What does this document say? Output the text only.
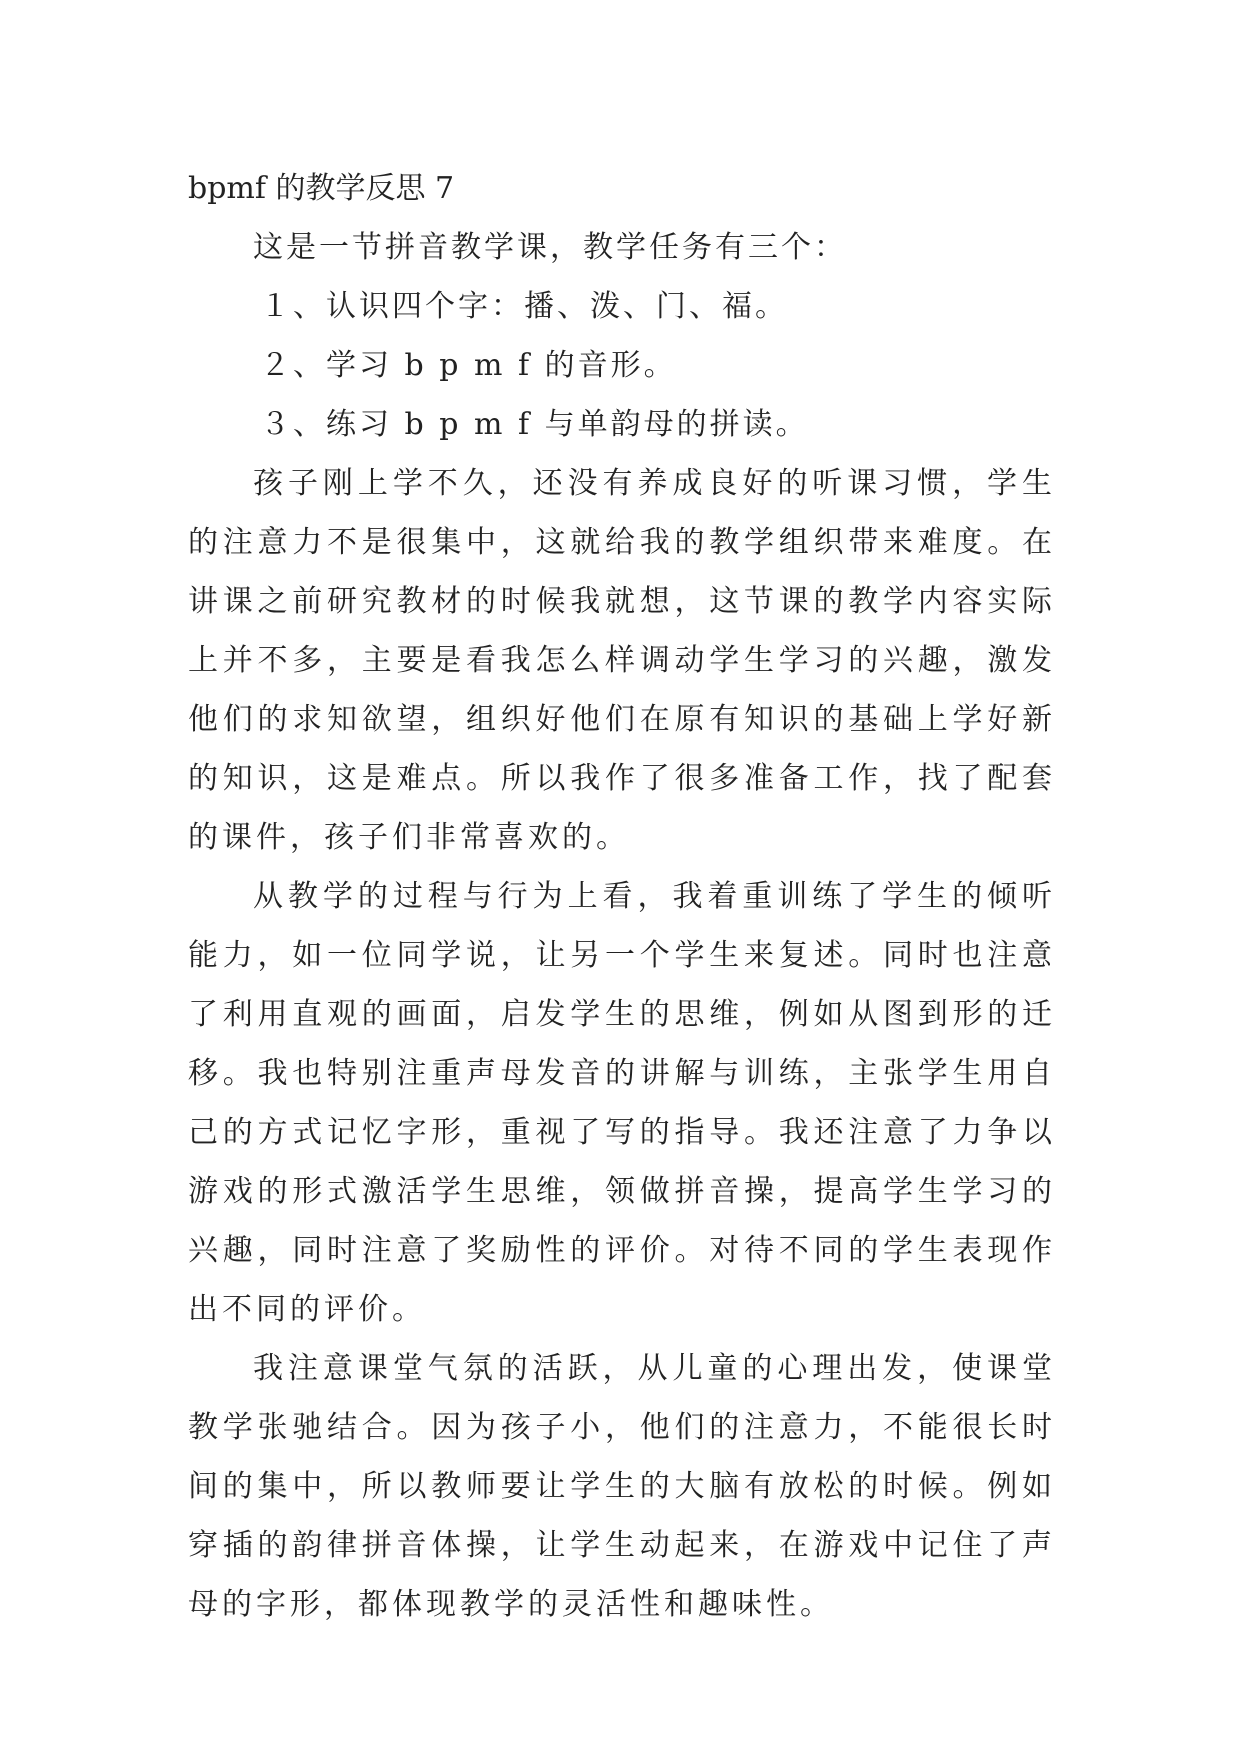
bpmf 的教学反思 7

这是一节拼音教学课，教学任务有三个：

１、认识四个字：播、泼、门、福。

２、学习 b p m f 的音形。

３、练习 b p m f 与单韵母的拼读。

孩子刚上学不久，还没有养成良好的听课习惯，学生的注意力不是很集中，这就给我的教学组织带来难度。在讲课之前研究教材的时候我就想，这节课的教学内容实际上并不多，主要是看我怎么样调动学生学习的兴趣，激发他们的求知欲望，组织好他们在原有知识的基础上学好新的知识，这是难点。所以我作了很多准备工作，找了配套的课件，孩子们非常喜欢的。

从教学的过程与行为上看，我着重训练了学生的倾听能力，如一位同学说，让另一个学生来复述。同时也注意了利用直观的画面，启发学生的思维，例如从图到形的迁移。我也特别注重声母发音的讲解与训练，主张学生用自己的方式记忆字形，重视了写的指导。我还注意了力争以游戏的形式激活学生思维，领做拼音操，提高学生学习的兴趣，同时注意了奖励性的评价。对待不同的学生表现作出不同的评价。

我注意课堂气氛的活跃，从儿童的心理出发，使课堂教学张驰结合。因为孩子小，他们的注意力，不能很长时间的集中，所以教师要让学生的大脑有放松的时候。例如穿插的韵律拼音体操，让学生动起来，在游戏中记住了声母的字形，都体现教学的灵活性和趣味性。
